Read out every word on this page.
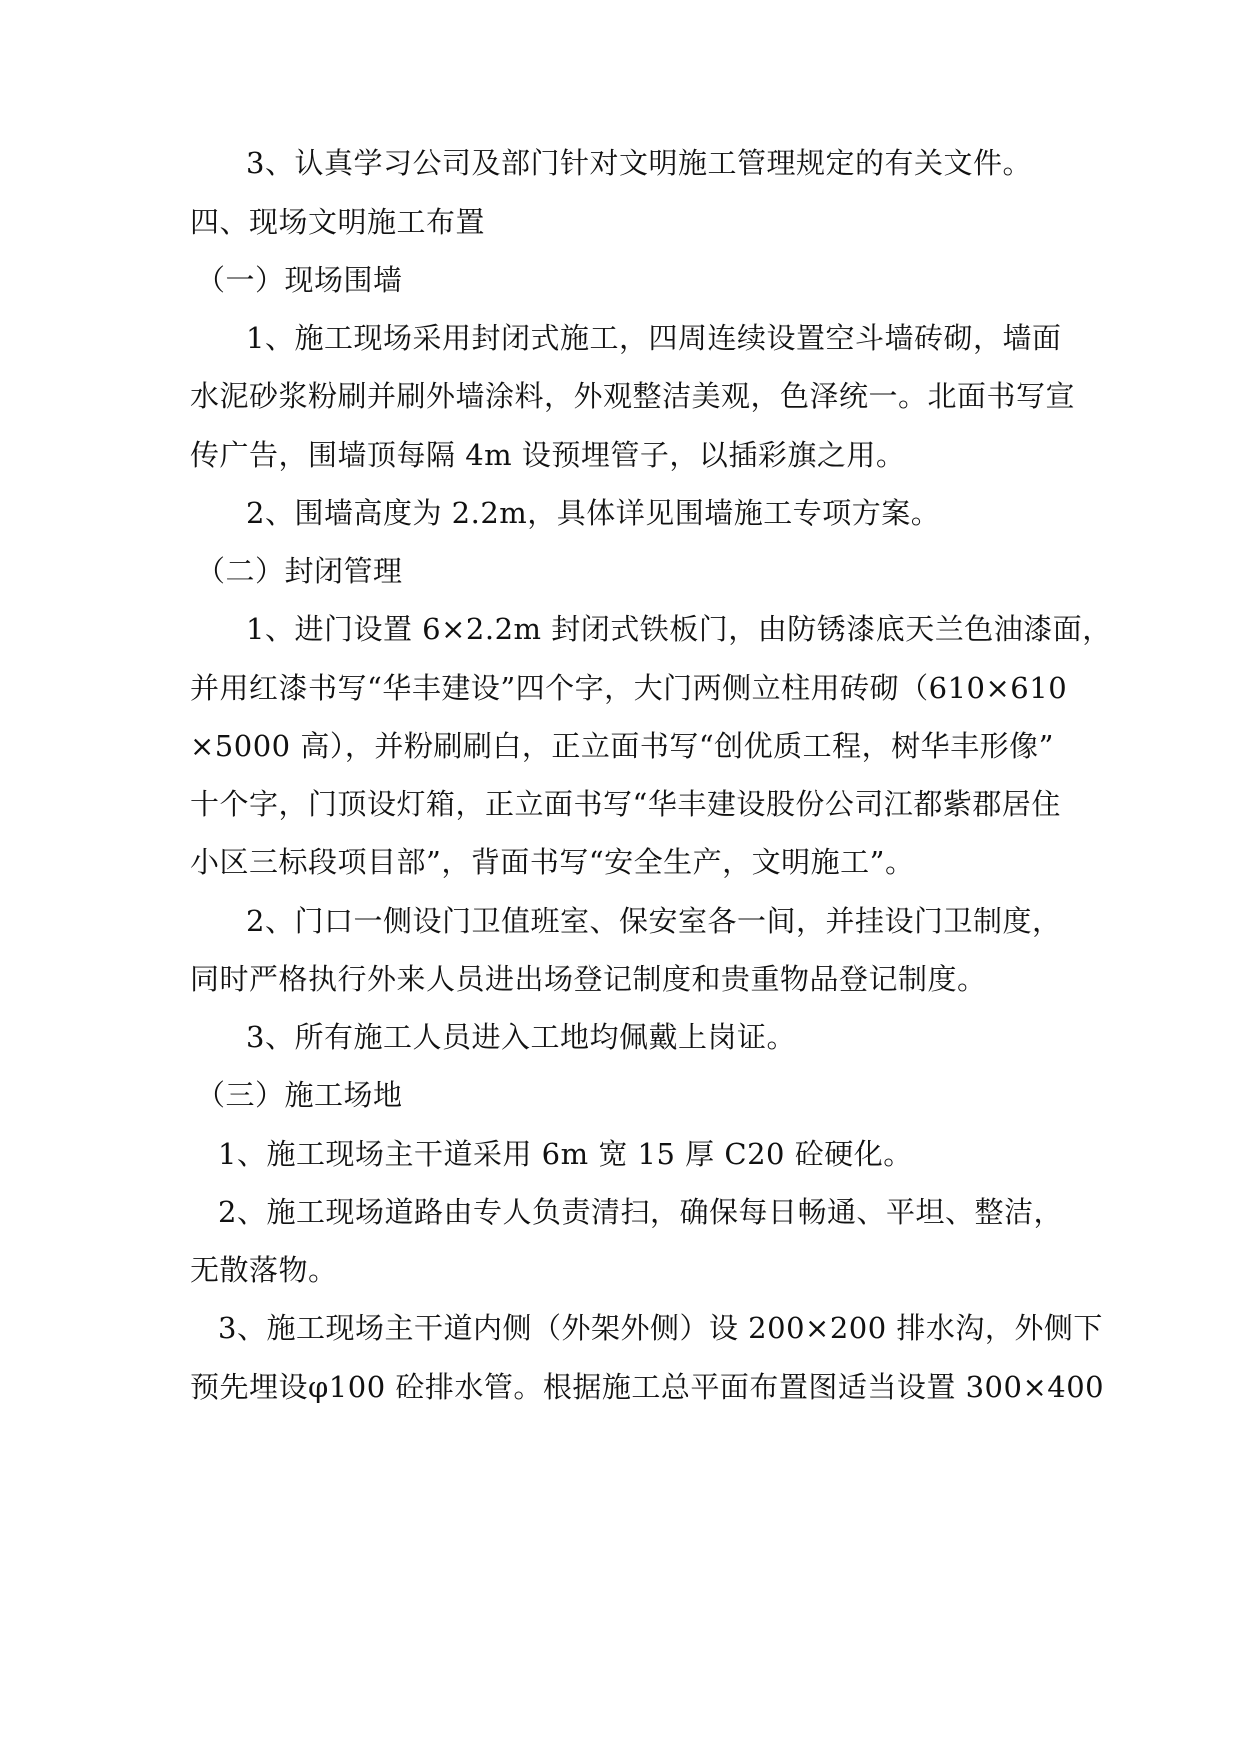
3、认真学习公司及部门针对文明施工管理规定的有关文件。
四、现场文明施工布置
（一）现场围墙
1、施工现场采用封闭式施工，四周连续设置空斗墙砖砌，墙面
水泥砂浆粉刷并刷外墙涂料，外观整洁美观，色泽统一。北面书写宣
传广告，围墙顶每隔 4m 设预埋管子，以插彩旗之用。
2、围墙高度为 2.2m，具体详见围墙施工专项方案。
（二）封闭管理
1、进门设置 6×2.2m 封闭式铁板门，由防锈漆底天兰色油漆面，
并用红漆书写“华丰建设”四个字，大门两侧立柱用砖砌（610×610
×5000 高），并粉刷刷白，正立面书写“创优质工程，树华丰形像”
十个字，门顶设灯箱，正立面书写“华丰建设股份公司江都紫郡居住
小区三标段项目部”，背面书写“安全生产，文明施工”。
2、门口一侧设门卫值班室、保安室各一间，并挂设门卫制度，
同时严格执行外来人员进出场登记制度和贵重物品登记制度。
3、所有施工人员进入工地均佩戴上岗证。
（三）施工场地
1、施工现场主干道采用 6m 宽 15 厚 C20 砼硬化。
2、施工现场道路由专人负责清扫，确保每日畅通、平坦、整洁，
无散落物。
3、施工现场主干道内侧（外架外侧）设 200×200 排水沟，外侧下
预先埋设φ100 砼排水管。根据施工总平面布置图适当设置 300×400
